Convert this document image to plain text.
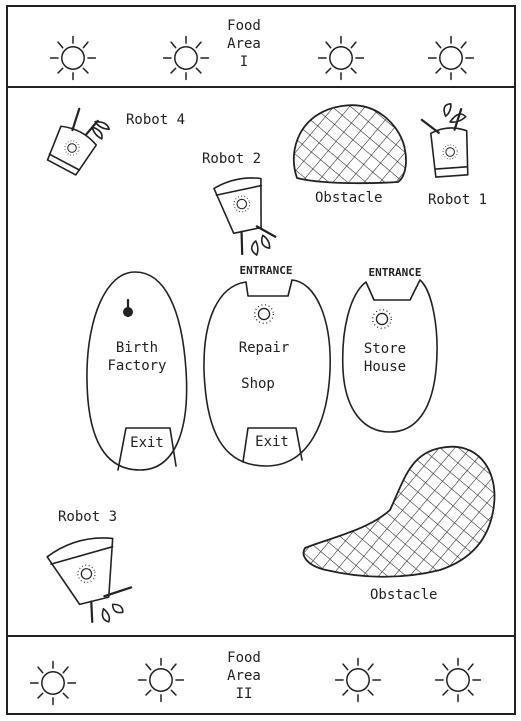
Food
Area
I
Food
Area
II
Robot 4
Robot 2
Robot 1
Obstacle
ENTRANCE	ENTRANCE
Birth
Factory
Exit
Repair
Shop
Exit
Store
House
Obstacle
Robot 3
